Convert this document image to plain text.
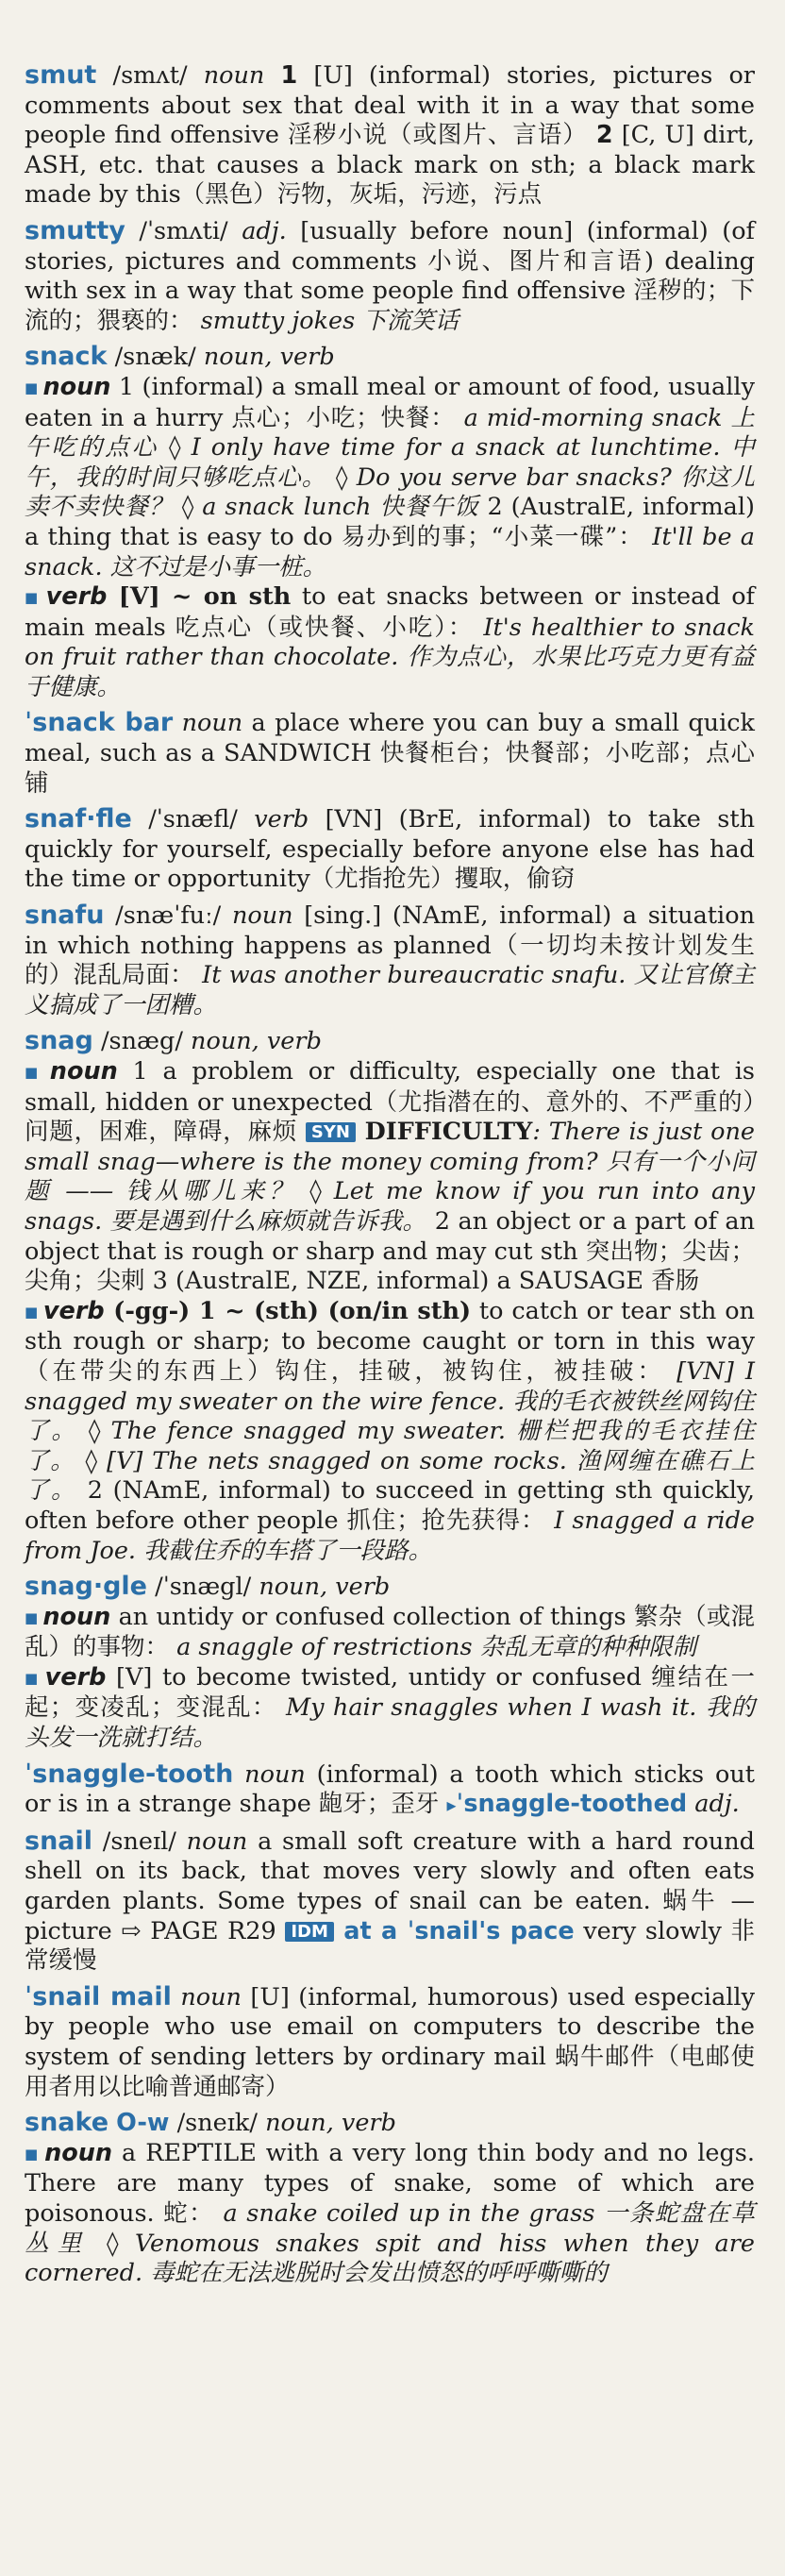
smut /smʌt/ noun 1 [U] (informal) stories, pictures or comments about sex that deal with it in a way that some people find offensive 淫秽小说（或图片、言语） 2 [C, U] dirt, ASH, etc. that causes a black mark on sth; a black mark made by this（黑色）污物，灰垢，污迹，污点

smutty /ˈsmʌti/ adj. [usually before noun] (informal) (of stories, pictures and comments 小说、图片和言语) dealing with sex in a way that some people find offensive 淫秽的；下流的；猥亵的： smutty jokes 下流笑话

snack /snæk/ noun, verb
■ noun 1 (informal) a small meal or amount of food, usually eaten in a hurry 点心；小吃；快餐： a mid-morning snack 上午吃的点心 ◊ I only have time for a snack at lunchtime. 中午，我的时间只够吃点心。 ◊ Do you serve bar snacks? 你这儿卖不卖快餐？ ◊ a snack lunch 快餐午饭 2 (AustralE, informal) a thing that is easy to do 易办到的事；“小菜一碟”： It'll be a snack. 这不过是小事一桩。
■ verb [V] ~ on sth to eat snacks between or instead of main meals 吃点心（或快餐、小吃）： It's healthier to snack on fruit rather than chocolate. 作为点心，水果比巧克力更有益于健康。

ˈsnack bar noun a place where you can buy a small quick meal, such as a SANDWICH 快餐柜台；快餐部；小吃部；点心铺

snaf·fle /ˈsnæfl/ verb [VN] (BrE, informal) to take sth quickly for yourself, especially before anyone else has had the time or opportunity（尤指抢先）攫取，偷窃

snafu /snæˈfuː/ noun [sing.] (NAmE, informal) a situation in which nothing happens as planned（一切均未按计划发生的）混乱局面： It was another bureaucratic snafu. 又让官僚主义搞成了一团糟。

snag /snæg/ noun, verb
■ noun 1 a problem or difficulty, especially one that is small, hidden or unexpected（尤指潜在的、意外的、不严重的）问题，困难，障碍，麻烦 SYN DIFFICULTY: There is just one small snag—where is the money coming from? 只有一个小问题 —— 钱从哪儿来？ ◊ Let me know if you run into any snags. 要是遇到什么麻烦就告诉我。 2 an object or a part of an object that is rough or sharp and may cut sth 突出物；尖齿；尖角；尖刺 3 (AustralE, NZE, informal) a SAUSAGE 香肠
■ verb (-gg-) 1 ~ (sth) (on/in sth) to catch or tear sth on sth rough or sharp; to become caught or torn in this way（在带尖的东西上）钩住，挂破，被钩住，被挂破： [VN] I snagged my sweater on the wire fence. 我的毛衣被铁丝网钩住了。 ◊ The fence snagged my sweater. 栅栏把我的毛衣挂住了。 ◊ [V] The nets snagged on some rocks. 渔网缠在礁石上了。 2 (NAmE, informal) to succeed in getting sth quickly, often before other people 抓住；抢先获得： I snagged a ride from Joe. 我截住乔的车搭了一段路。

snag·gle /ˈsnægl/ noun, verb
■ noun an untidy or confused collection of things 繁杂（或混乱）的事物： a snaggle of restrictions 杂乱无章的种种限制
■ verb [V] to become twisted, untidy or confused 缠结在一起；变凌乱；变混乱： My hair snaggles when I wash it. 我的头发一洗就打结。

ˈsnaggle-tooth noun (informal) a tooth which sticks out or is in a strange shape 龅牙；歪牙 ▸ˈsnaggle-toothed adj.

snail /sneɪl/ noun a small soft creature with a hard round shell on its back, that moves very slowly and often eats garden plants. Some types of snail can be eaten. 蜗牛 — picture ⇨ PAGE R29 IDM at a ˈsnail's pace very slowly 非常缓慢

ˈsnail mail noun [U] (informal, humorous) used especially by people who use email on computers to describe the system of sending letters by ordinary mail 蜗牛邮件（电邮使用者用以比喻普通邮寄）

snake O-w /sneɪk/ noun, verb
■ noun a REPTILE with a very long thin body and no legs. There are many types of snake, some of which are poisonous. 蛇： a snake coiled up in the grass 一条蛇盘在草丛里 ◊ Venomous snakes spit and hiss when they are cornered. 毒蛇在无法逃脱时会发出愤怒的呼呼嘶嘶的
